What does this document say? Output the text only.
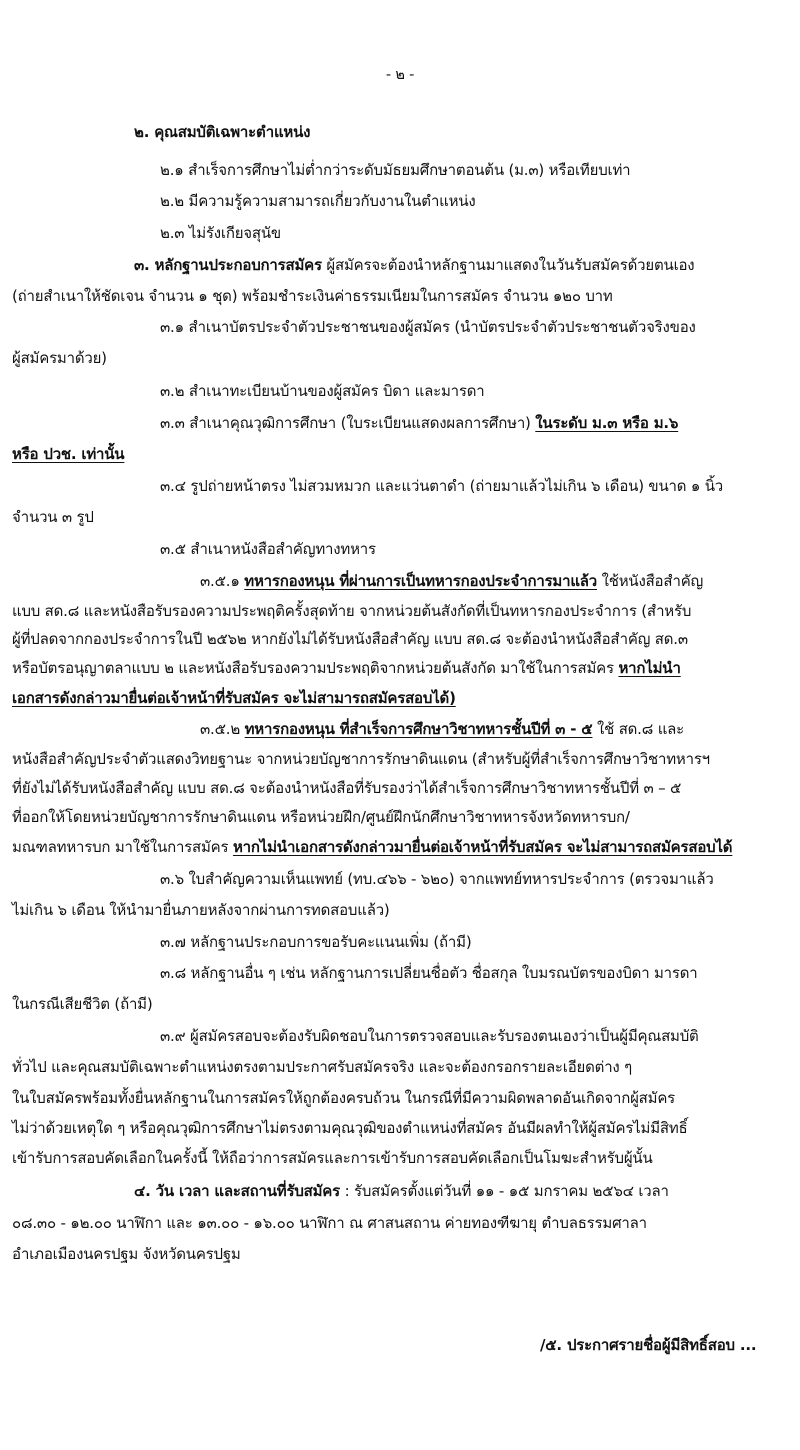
- ๒ -
๒. คุณสมบัติเฉพาะตำแหน่ง
๒.๑ สำเร็จการศึกษาไม่ต่ำกว่าระดับมัธยมศึกษาตอนต้น (ม.๓) หรือเทียบเท่า
๒.๒ มีความรู้ความสามารถเกี่ยวกับงานในตำแหน่ง
๒.๓ ไม่รังเกียจสุนัข
๓. หลักฐานประกอบการสมัคร ผู้สมัครจะต้องนำหลักฐานมาแสดงในวันรับสมัครด้วยตนเอง
(ถ่ายสำเนาให้ชัดเจน จำนวน ๑ ชุด) พร้อมชำระเงินค่าธรรมเนียมในการสมัคร จำนวน ๑๒๐ บาท
๓.๑ สำเนาบัตรประจำตัวประชาชนของผู้สมัคร (นำบัตรประจำตัวประชาชนตัวจริงของ
ผู้สมัครมาด้วย)
๓.๒ สำเนาทะเบียนบ้านของผู้สมัคร บิดา และมารดา
๓.๓ สำเนาคุณวุฒิการศึกษา (ใบระเบียนแสดงผลการศึกษา) ในระดับ ม.๓ หรือ ม.๖
หรือ ปวช. เท่านั้น
๓.๔ รูปถ่ายหน้าตรง ไม่สวมหมวก และแว่นตาดำ (ถ่ายมาแล้วไม่เกิน ๖ เดือน) ขนาด ๑ นิ้ว
จำนวน ๓ รูป
๓.๕ สำเนาหนังสือสำคัญทางทหาร
๓.๕.๑ ทหารกองหนุน ที่ผ่านการเป็นทหารกองประจำการมาแล้ว ใช้หนังสือสำคัญ
แบบ สด.๘ และหนังสือรับรองความประพฤติครั้งสุดท้าย จากหน่วยต้นสังกัดที่เป็นทหารกองประจำการ (สำหรับ
ผู้ที่ปลดจากกองประจำการในปี ๒๕๖๒ หากยังไม่ได้รับหนังสือสำคัญ แบบ สด.๘ จะต้องนำหนังสือสำคัญ สด.๓
หรือบัตรอนุญาตลาแบบ ๒ และหนังสือรับรองความประพฤติจากหน่วยต้นสังกัด มาใช้ในการสมัคร หากไม่นำ
เอกสารดังกล่าวมายื่นต่อเจ้าหน้าที่รับสมัคร จะไม่สามารถสมัครสอบได้)
๓.๕.๒ ทหารกองหนุน ที่สำเร็จการศึกษาวิชาทหารชั้นปีที่ ๓ - ๕ ใช้ สด.๘ และ
หนังสือสำคัญประจำตัวแสดงวิทยฐานะ จากหน่วยบัญชาการรักษาดินแดน (สำหรับผู้ที่สำเร็จการศึกษาวิชาทหารฯ
ที่ยังไม่ได้รับหนังสือสำคัญ แบบ สด.๘ จะต้องนำหนังสือที่รับรองว่าได้สำเร็จการศึกษาวิชาทหารชั้นปีที่ ๓ – ๕
ที่ออกให้โดยหน่วยบัญชาการรักษาดินแดน หรือหน่วยฝึก/ศูนย์ฝึกนักศึกษาวิชาทหารจังหวัดทหารบก/
มณฑลทหารบก มาใช้ในการสมัคร หากไม่นำเอกสารดังกล่าวมายื่นต่อเจ้าหน้าที่รับสมัคร จะไม่สามารถสมัครสอบได้
๓.๖ ใบสำคัญความเห็นแพทย์ (ทบ.๔๖๖ - ๖๒๐) จากแพทย์ทหารประจำการ (ตรวจมาแล้ว
ไม่เกิน ๖ เดือน ให้นำมายื่นภายหลังจากผ่านการทดสอบแล้ว)
๓.๗ หลักฐานประกอบการขอรับคะแนนเพิ่ม (ถ้ามี)
๓.๘ หลักฐานอื่น ๆ เช่น หลักฐานการเปลี่ยนชื่อตัว ชื่อสกุล ใบมรณบัตรของบิดา มารดา
ในกรณีเสียชีวิต (ถ้ามี)
๓.๙ ผู้สมัครสอบจะต้องรับผิดชอบในการตรวจสอบและรับรองตนเองว่าเป็นผู้มีคุณสมบัติ
ทั่วไป และคุณสมบัติเฉพาะตำแหน่งตรงตามประกาศรับสมัครจริง และจะต้องกรอกรายละเอียดต่าง ๆ
ในใบสมัครพร้อมทั้งยื่นหลักฐานในการสมัครให้ถูกต้องครบถ้วน ในกรณีที่มีความผิดพลาดอันเกิดจากผู้สมัคร
ไม่ว่าด้วยเหตุใด ๆ หรือคุณวุฒิการศึกษาไม่ตรงตามคุณวุฒิของตำแหน่งที่สมัคร อันมีผลทำให้ผู้สมัครไม่มีสิทธิ์
เข้ารับการสอบคัดเลือกในครั้งนี้ ให้ถือว่าการสมัครและการเข้ารับการสอบคัดเลือกเป็นโมฆะสำหรับผู้นั้น
๔. วัน เวลา และสถานที่รับสมัคร : รับสมัครตั้งแต่วันที่ ๑๑ - ๑๕ มกราคม ๒๕๖๔ เวลา
๐๘.๓๐ - ๑๒.๐๐ นาฬิกา และ ๑๓.๐๐ - ๑๖.๐๐ นาฬิกา ณ ศาสนสถาน ค่ายทองฑีฆายุ ตำบลธรรมศาลา
อำเภอเมืองนครปฐม จังหวัดนครปฐม
/๕. ประกาศรายชื่อผู้มีสิทธิ์สอบ ...
